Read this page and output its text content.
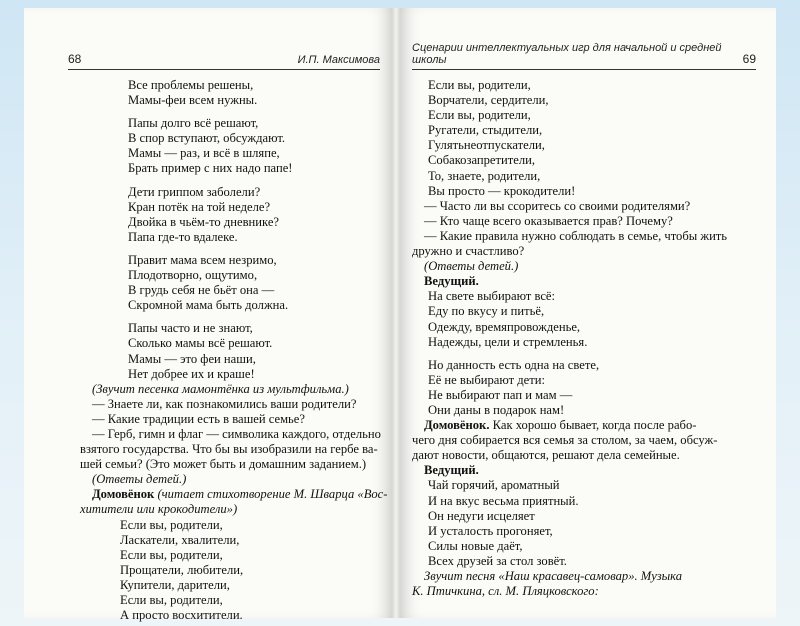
68	И.П. Максимова
Сценарии интеллектуальных игр для начальной и средней школы	69
Все проблемы решены,
Мамы-феи всем нужны.
Папы долго всё решают,
В спор вступают, обсуждают.
Мамы — раз, и всё в шляпе,
Брать пример с них надо папе!
Дети гриппом заболели?
Кран потёк на той неделе?
Двойка в чьём-то дневнике?
Папа где-то вдалеке.
Правит мама всем незримо,
Плодотворно, ощутимо,
В грудь себя не бьёт она —
Скромной мама быть должна.
Папы часто и не знают,
Сколько мамы всё решают.
Мамы — это феи наши,
Нет добрее их и краше!
(Звучит песенка мамонтёнка из мультфильма.)
— Знаете ли, как познакомились ваши родители?
— Какие традиции есть в вашей семье?
— Герб, гимн и флаг — символика каждого, отдельно
взятого государства. Что бы вы изобразили на гербе ва-
шей семьи? (Это может быть и домашним заданием.)
(Ответы детей.)
Домовёнок (читает стихотворение М. Шварца «Вос-
хитители или крокодители»)
Если вы, родители,
Ласкатели, хвалители,
Если вы, родители,
Прощатели, любители,
Купители, дарители,
Если вы, родители,
А просто восхитители.
Если вы, родители,
Ворчатели, сердители,
Если вы, родители,
Ругатели, стыдители,
Гулятьнеотпускатели,
Собакозапретители,
То, знаете, родители,
Вы просто — крокодители!
— Часто ли вы ссоритесь со своими родителями?
— Кто чаще всего оказывается прав? Почему?
— Какие правила нужно соблюдать в семье, чтобы жить
дружно и счастливо?
(Ответы детей.)
Ведущий.
На свете выбирают всё:
Еду по вкусу и питьё,
Одежду, времяпровожденье,
Надежды, цели и стремленья.
Но данность есть одна на свете,
Её не выбирают дети:
Не выбирают пап и мам —
Они даны в подарок нам!
Домовёнок. Как хорошо бывает, когда после рабо-
чего дня собирается вся семья за столом, за чаем, обсуж-
дают новости, общаются, решают дела семейные.
Ведущий.
Чай горячий, ароматный
И на вкус весьма приятный.
Он недуги исцеляет
И усталость прогоняет,
Силы новые даёт,
Всех друзей за стол зовёт.
Звучит песня «Наш красавец-самовар». Музыка
К. Птичкина, сл. М. Пляцковского:
